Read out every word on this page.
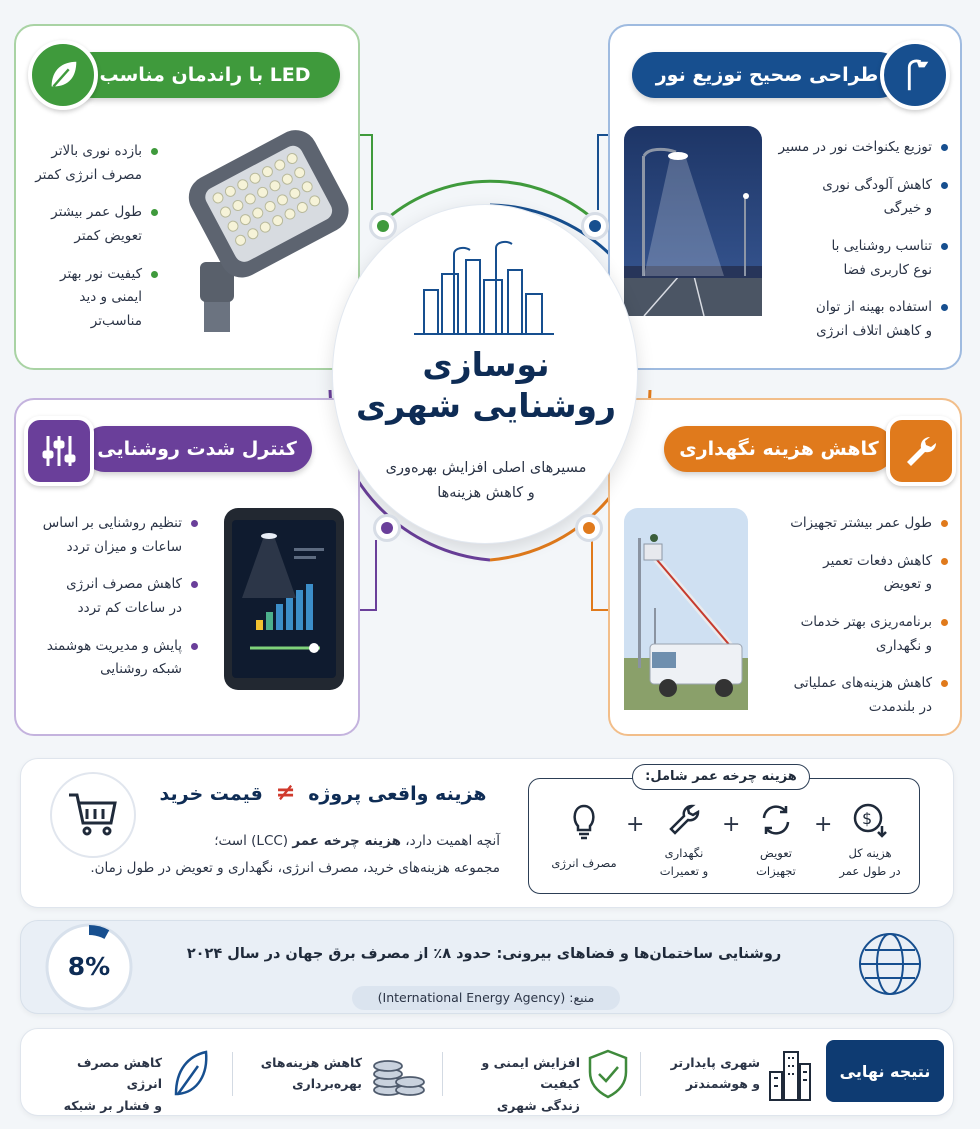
LED با راندمان مناسب
بازده نوری بالاتر
مصرف انرژی کمتر
طول عمر بیشتر
تعویض کمتر
کیفیت نور بهتر
ایمنی و دید مناسب‌تر
طراحی صحیح توزیع نور
توزیع یکنواخت نور در مسیر
کاهش آلودگی نوری
و خیرگی
تناسب روشنایی با
نوع کاربری فضا
استفاده بهینه از توان
و کاهش اتلاف انرژی
کنترل شدت روشنایی
تنظیم روشنایی بر اساس
ساعات و میزان تردد
کاهش مصرف انرژی
در ساعات کم تردد
پایش و مدیریت هوشمند
شبکه روشنایی
کاهش هزینه نگهداری
طول عمر بیشتر تجهیزات
کاهش دفعات تعمیر
و تعویض
برنامه‌ریزی بهتر خدمات
و نگهداری
کاهش هزینه‌های عملیاتی
در بلندمدت
نوسازی
روشنایی شهری
مسیرهای اصلی افزایش بهره‌وری
و کاهش هزینه‌ها
هزینه واقعی پروژه ≠ قیمت خرید
آنچه اهمیت دارد، هزینه چرخه عمر (LCC) است؛
مجموعه هزینه‌های خرید، مصرف انرژی، نگهداری و تعویض در طول زمان.
هزینه چرخه عمر شامل:
$
هزینه کل
در طول عمر
+
تعویض
تجهیزات
+
نگهداری
و تعمیرات
+
مصرف انرژی
8%	روشنایی ساختمان‌ها و فضاهای بیرونی: حدود ۸٪ از مصرف برق جهان در سال ۲۰۲۴
منبع: (International Energy Agency)
نتیجه نهایی
شهری پایدارتر
و هوشمندتر
افزایش ایمنی و کیفیت
زندگی شهری
کاهش هزینه‌های
بهره‌برداری
کاهش مصرف انرژی
و فشار بر شبکه
